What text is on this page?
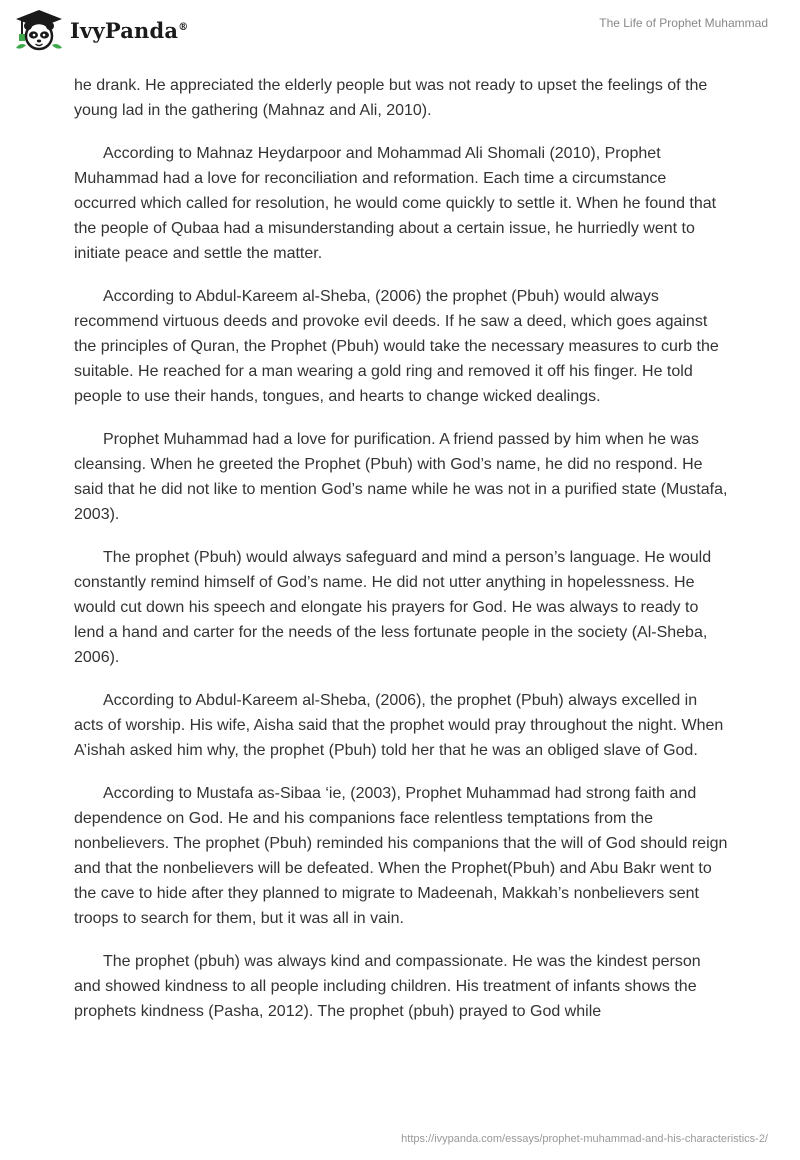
IvyPanda®	The Life of Prophet Muhammad

he drank. He appreciated the elderly people but was not ready to upset the feelings of the young lad in the gathering (Mahnaz and Ali, 2010).

According to Mahnaz Heydarpoor and Mohammad Ali Shomali (2010), Prophet Muhammad had a love for reconciliation and reformation. Each time a circumstance occurred which called for resolution, he would come quickly to settle it. When he found that the people of Qubaa had a misunderstanding about a certain issue, he hurriedly went to initiate peace and settle the matter.

According to Abdul-Kareem al-Sheba, (2006) the prophet (Pbuh) would always recommend virtuous deeds and provoke evil deeds. If he saw a deed, which goes against the principles of Quran, the Prophet (Pbuh) would take the necessary measures to curb the suitable. He reached for a man wearing a gold ring and removed it off his finger. He told people to use their hands, tongues, and hearts to change wicked dealings.

Prophet Muhammad had a love for purification. A friend passed by him when he was cleansing. When he greeted the Prophet (Pbuh) with God’s name, he did no respond. He said that he did not like to mention God’s name while he was not in a purified state (Mustafa, 2003).

The prophet (Pbuh) would always safeguard and mind a person’s language. He would constantly remind himself of God’s name. He did not utter anything in hopelessness. He would cut down his speech and elongate his prayers for God. He was always to ready to lend a hand and carter for the needs of the less fortunate people in the society (Al-Sheba, 2006).

According to Abdul-Kareem al-Sheba, (2006), the prophet (Pbuh) always excelled in acts of worship. His wife, Aisha said that the prophet would pray throughout the night. When A’ishah asked him why, the prophet (Pbuh) told her that he was an obliged slave of God.

According to Mustafa as-Sibaa ‘ie, (2003), Prophet Muhammad had strong faith and dependence on God. He and his companions face relentless temptations from the nonbelievers. The prophet (Pbuh) reminded his companions that the will of God should reign and that the nonbelievers will be defeated. When the Prophet(Pbuh) and Abu Bakr went to the cave to hide after they planned to migrate to Madeenah, Makkah’s nonbelievers sent troops to search for them, but it was all in vain.

The prophet (pbuh) was always kind and compassionate. He was the kindest person and showed kindness to all people including children. His treatment of infants shows the prophets kindness (Pasha, 2012). The prophet (pbuh) prayed to God while

https://ivypanda.com/essays/prophet-muhammad-and-his-characteristics-2/
